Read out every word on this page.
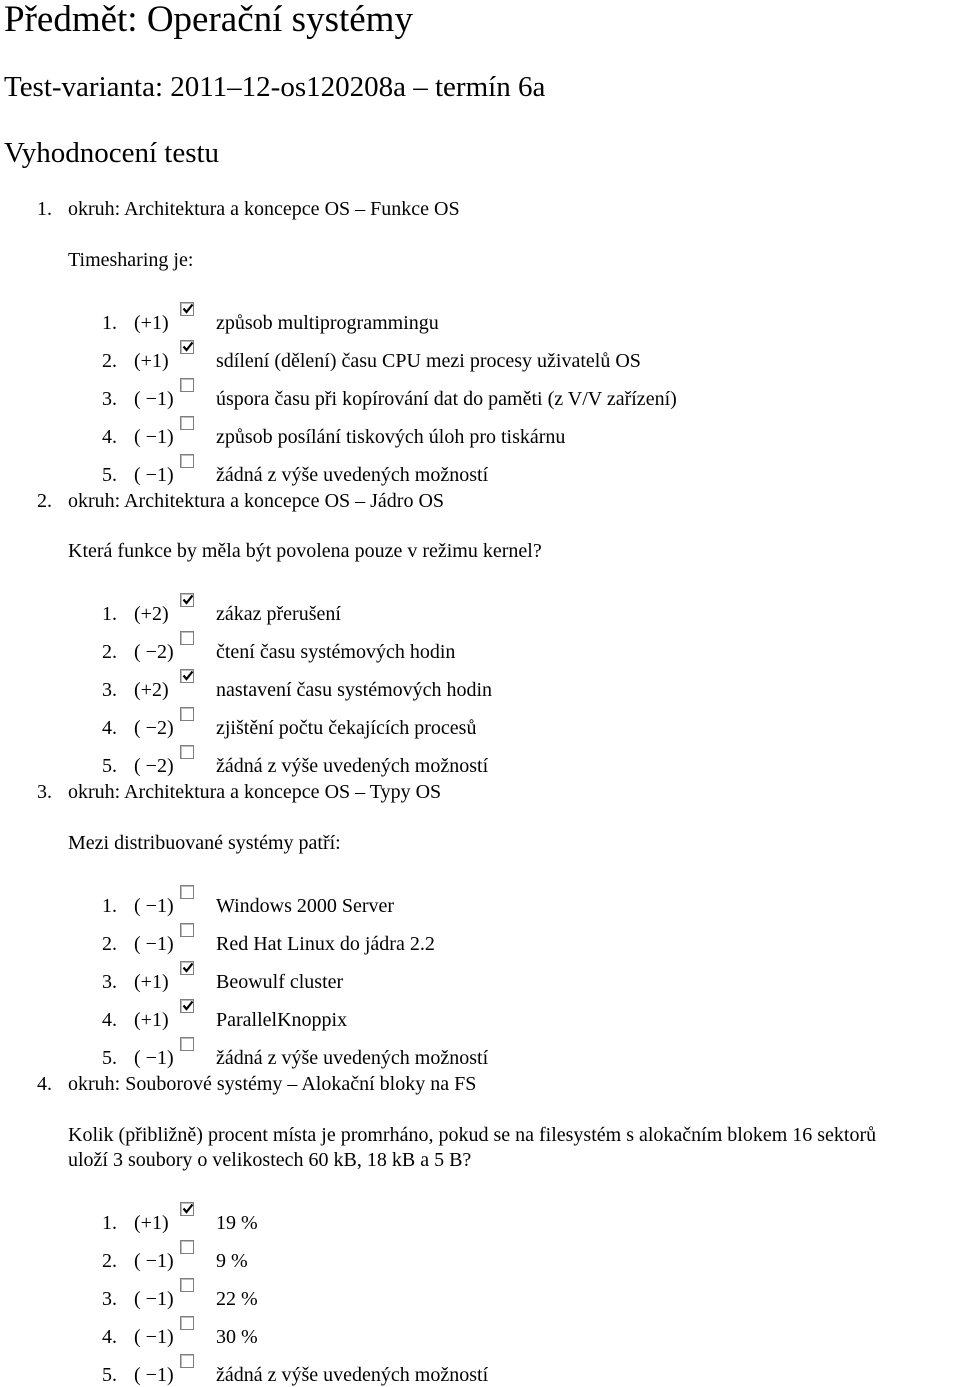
Předmět: Operační systémy
Test-varianta: 2011–12-os120208a – termín 6a
Vyhodnocení testu
1. okruh: Architektura a koncepce OS – Funkce OS
Timesharing je:
1. (+1) způsob multiprogrammingu
2. (+1) sdílení (dělení) času CPU mezi procesy uživatelů OS
3. ( −1) úspora času při kopírování dat do paměti (z V/V zařízení)
4. ( −1) způsob posílání tiskových úloh pro tiskárnu
5. ( −1) žádná z výše uvedených možností
2. okruh: Architektura a koncepce OS – Jádro OS
Která funkce by měla být povolena pouze v režimu kernel?
1. (+2) zákaz přerušení
2. ( −2) čtení času systémových hodin
3. (+2) nastavení času systémových hodin
4. ( −2) zjištění počtu čekajících procesů
5. ( −2) žádná z výše uvedených možností
3. okruh: Architektura a koncepce OS – Typy OS
Mezi distribuované systémy patří:
1. ( −1) Windows 2000 Server
2. ( −1) Red Hat Linux do jádra 2.2
3. (+1) Beowulf cluster
4. (+1) ParallelKnoppix
5. ( −1) žádná z výše uvedených možností
4. okruh: Souborové systémy – Alokační bloky na FS
Kolik (přibližně) procent místa je promrháno, pokud se na filesystém s alokačním blokem 16 sektorů
uloží 3 soubory o velikostech 60 kB, 18 kB a 5 B?
1. (+1) 19 %
2. ( −1) 9 %
3. ( −1) 22 %
4. ( −1) 30 %
5. ( −1) žádná z výše uvedených možností
